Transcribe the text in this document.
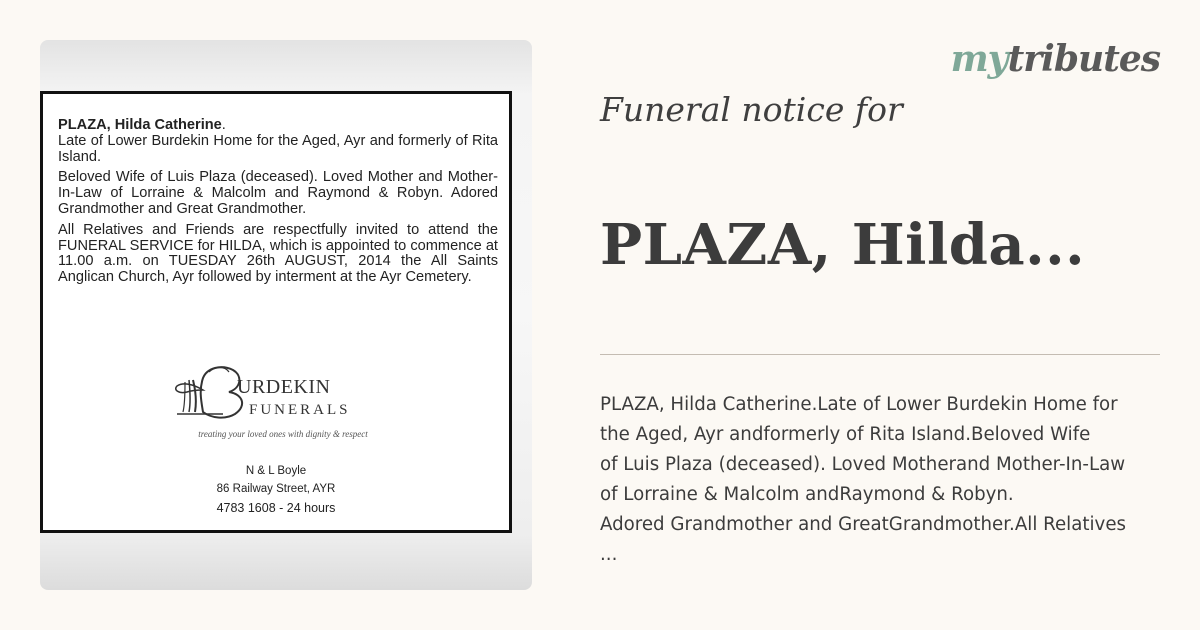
PLAZA, Hilda Catherine.
Late of Lower Burdekin Home for the Aged, Ayr and formerly of Rita Island.

Beloved Wife of Luis Plaza (deceased). Loved Mother and Mother-In-Law of Lorraine & Malcolm and Raymond & Robyn. Adored Grandmother and Great Grandmother.

All Relatives and Friends are respectfully invited to attend the FUNERAL SERVICE for HILDA, which is appointed to commence at 11.00 a.m. on TUESDAY 26th AUGUST, 2014 the All Saints Anglican Church, Ayr followed by interment at the Ayr Cemetery.

URDEKIN
FUNERALS
treating your loved ones with dignity & respect
N & L Boyle
86 Railway Street, AYR
4783 1608 - 24 hours
mytributes
Funeral notice for
PLAZA, Hilda...
PLAZA, Hilda Catherine.Late of Lower Burdekin Home for
the Aged, Ayr andformerly of Rita Island.Beloved Wife
of Luis Plaza (deceased). Loved Motherand Mother-In-Law
of Lorraine & Malcolm andRaymond & Robyn.
Adored Grandmother and GreatGrandmother.All Relatives
...
